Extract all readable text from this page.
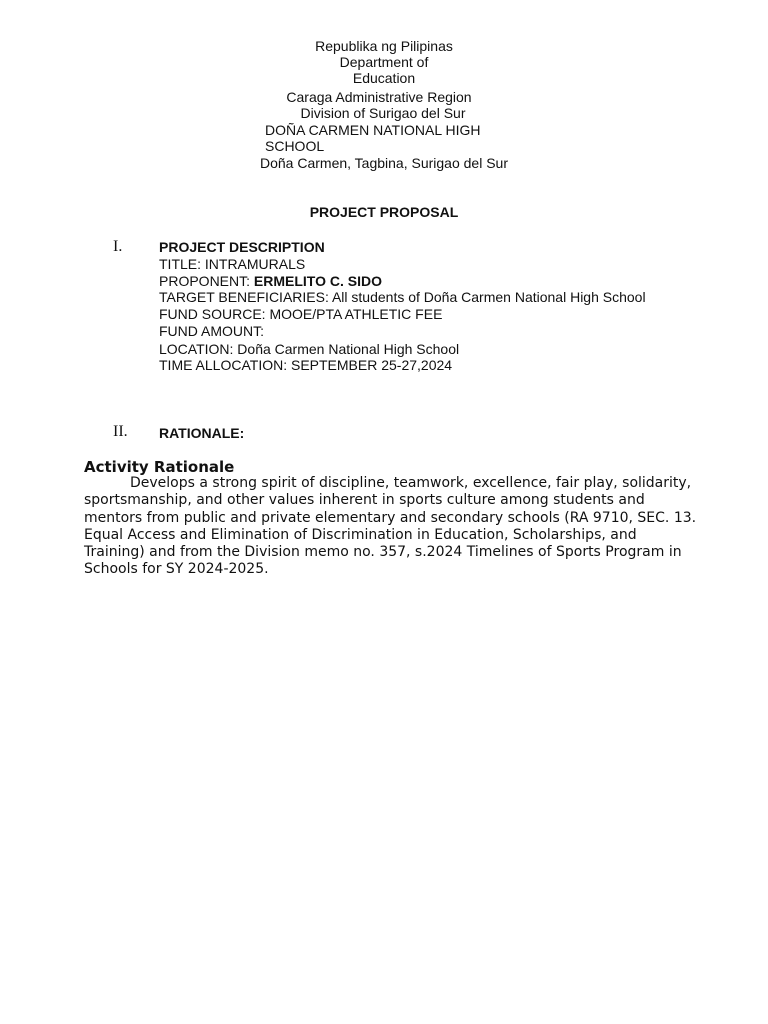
Republika ng Pilipinas
Department of
Education
Caraga Administrative Region
Division of Surigao del Sur
DOÑA CARMEN NATIONAL HIGH
SCHOOL
Doña Carmen, Tagbina, Surigao del Sur
PROJECT PROPOSAL
I.	PROJECT DESCRIPTION
TITLE: INTRAMURALS
PROPONENT: ERMELITO C. SIDO
TARGET BENEFICIARIES: All students of Doña Carmen National High School
FUND SOURCE: MOOE/PTA ATHLETIC FEE
FUND AMOUNT:
LOCATION: Doña Carmen National High School
TIME ALLOCATION: SEPTEMBER 25-27,2024
II. RATIONALE:
Activity Rationale
Develops a strong spirit of discipline, teamwork, excellence, fair play, solidarity,
sportsmanship, and other values inherent in sports culture among students and
mentors from public and private elementary and secondary schools (RA 9710, SEC. 13.
Equal Access and Elimination of Discrimination in Education, Scholarships, and
Training) and from the Division memo no. 357, s.2024 Timelines of Sports Program in
Schools for SY 2024-2025.
